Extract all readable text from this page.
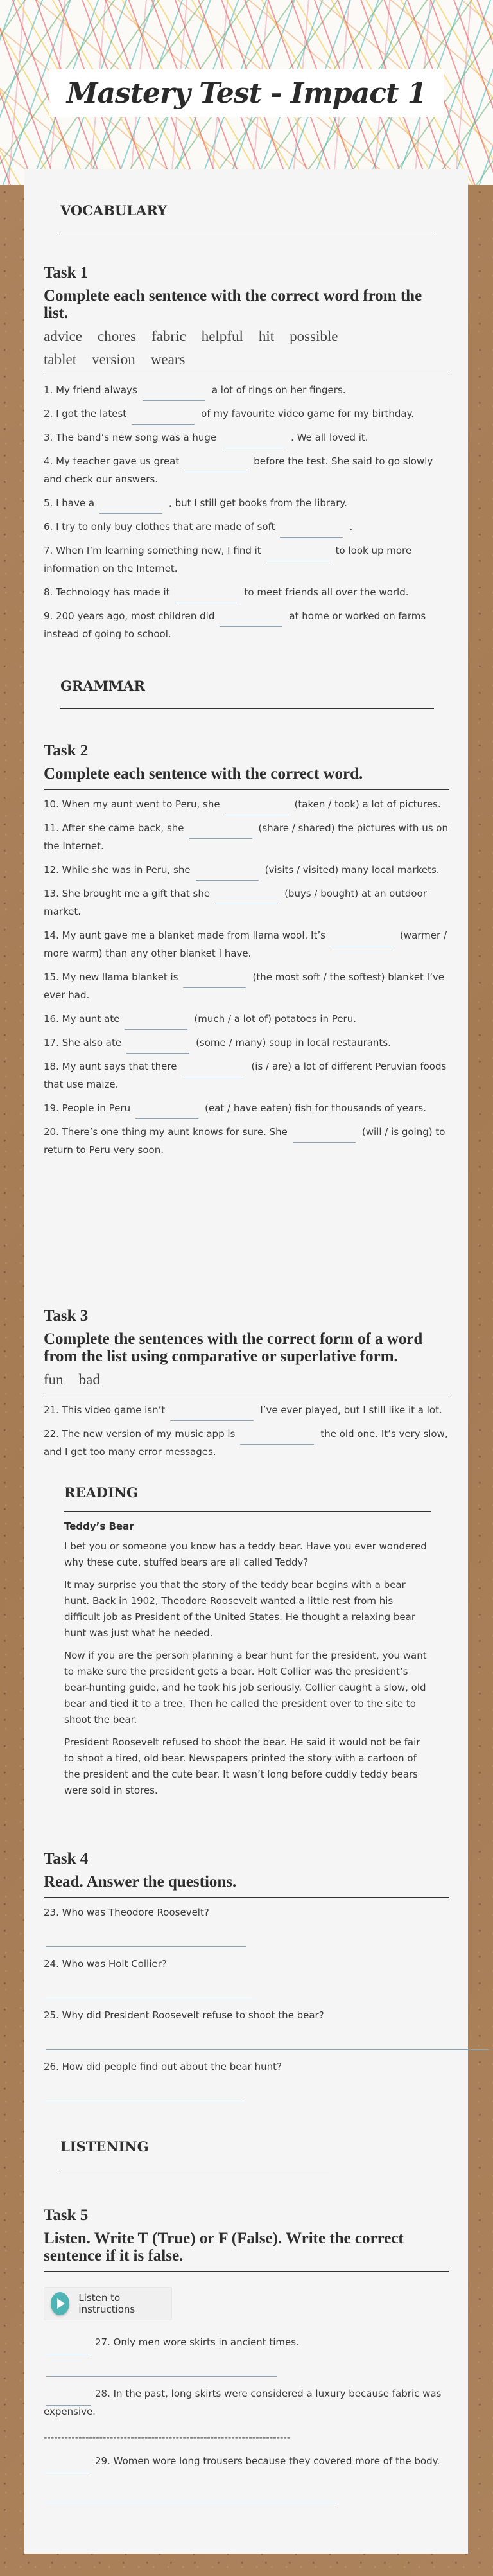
Mastery Test - Impact 1
VOCABULARY
Task 1
Complete each sentence with the correct word from the list.
advice chores fabric helpful hit possible
tablet version wears
1. My friend always	a lot of rings on her fingers.
2. I got the latest	of my favourite video game for my birthday.
3. The band’s new song was a huge	. We all loved it.
4. My teacher gave us great	before the test. She said to go slowly and check our answers.
5. I have a	, but I still get books from the library.
6. I try to only buy clothes that are made of soft	.
7. When I’m learning something new, I find it	to look up more information on the Internet.
8. Technology has made it	to meet friends all over the world.
9. 200 years ago, most children did	at home or worked on farms instead of going to school.
GRAMMAR
Task 2
Complete each sentence with the correct word.
10. When my aunt went to Peru, she	(taken / took) a lot of pictures.
11. After she came back, she	(share / shared) the pictures with us on the Internet.
12. While she was in Peru, she	(visits / visited) many local markets.
13. She brought me a gift that she	(buys / bought) at an outdoor market.
14. My aunt gave me a blanket made from llama wool. It’s	(warmer / more warm) than any other blanket I have.
15. My new llama blanket is	(the most soft / the softest) blanket I’ve ever had.
16. My aunt ate	(much / a lot of) potatoes in Peru.
17. She also ate	(some / many) soup in local restaurants.
18. My aunt says that there	(is / are) a lot of different Peruvian foods that use maize.
19. People in Peru	(eat / have eaten) fish for thousands of years.
20. There’s one thing my aunt knows for sure. She	(will / is going) to return to Peru very soon.
Task 3
Complete the sentences with the correct form of a word from the list using comparative or superlative form.
fun bad
21. This video game isn’t	I’ve ever played, but I still like it a lot.
22. The new version of my music app is	the old one. It’s very slow, and I get too many error messages.
READING
Teddy’s Bear

I bet you or someone you know has a teddy bear. Have you ever wondered why these cute, stuffed bears are all called Teddy?

It may surprise you that the story of the teddy bear begins with a bear hunt. Back in 1902, Theodore Roosevelt wanted a little rest from his difficult job as President of the United States. He thought a relaxing bear hunt was just what he needed.

Now if you are the person planning a bear hunt for the president, you want to make sure the president gets a bear. Holt Collier was the president’s bear-hunting guide, and he took his job seriously. Collier caught a slow, old bear and tied it to a tree. Then he called the president over to the site to shoot the bear.

President Roosevelt refused to shoot the bear. He said it would not be fair to shoot a tired, old bear. Newspapers printed the story with a cartoon of the president and the cute bear. It wasn’t long before cuddly teddy bears were sold in stores.

Task 4
Read. Answer the questions.
23. Who was Theodore Roosevelt?
24. Who was Holt Collier?
25. Why did President Roosevelt refuse to shoot the bear?
26. How did people find out about the bear hunt?
LISTENING
Task 5
Listen. Write T (True) or F (False). Write the correct sentence if it is false.
Listen to instructions
27. Only men wore skirts in ancient times.
28. In the past, long skirts were considered a luxury because fabric was expensive.
-----------------------------------------------------------------------
29. Women wore long trousers because they covered more of the body.
